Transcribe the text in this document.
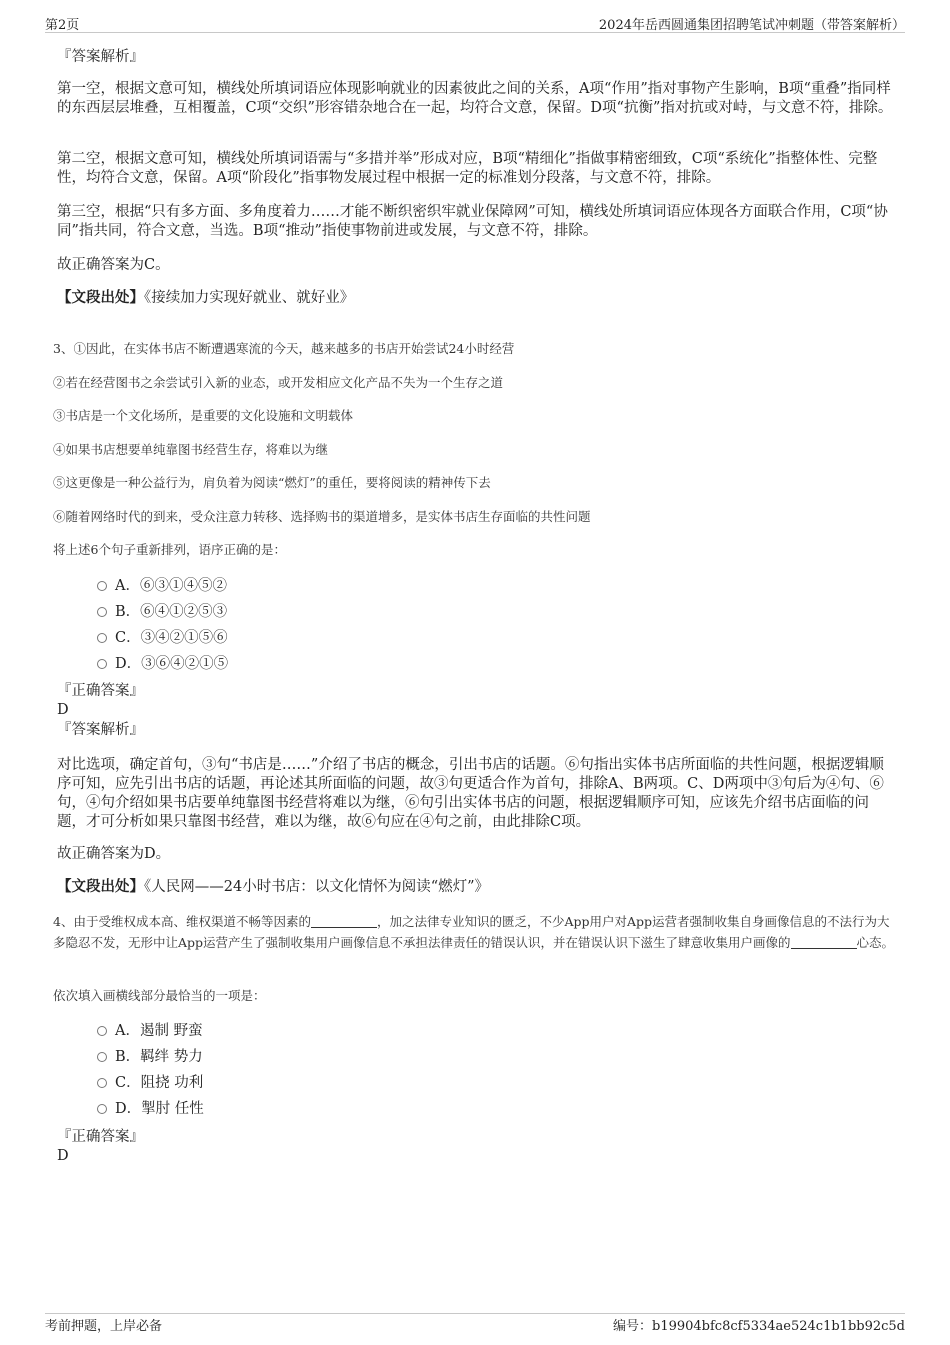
第2页	2024年岳西圆通集团招聘笔试冲刺题（带答案解析）

『答案解析』

第一空，根据文意可知，横线处所填词语应体现影响就业的因素彼此之间的关系，A项“作用”指对事物产生影响，B项“重叠”指同样的东西层层堆叠，互相覆盖，C项“交织”形容错杂地合在一起，均符合文意，保留。D项“抗衡”指对抗或对峙，与文意不符，排除。

第二空，根据文意可知，横线处所填词语需与“多措并举”形成对应，B项“精细化”指做事精密细致，C项“系统化”指整体性、完整性，均符合文意，保留。A项“阶段化”指事物发展过程中根据一定的标准划分段落，与文意不符，排除。

第三空，根据“只有多方面、多角度着力……才能不断织密织牢就业保障网”可知，横线处所填词语应体现各方面联合作用，C项“协同”指共同，符合文意，当选。B项“推动”指使事物前进或发展，与文意不符，排除。

故正确答案为C。

【文段出处】《接续加力实现好就业、就好业》

3、①因此，在实体书店不断遭遇寒流的今天，越来越多的书店开始尝试24小时经营

②若在经营图书之余尝试引入新的业态，或开发相应文化产品不失为一个生存之道

③书店是一个文化场所，是重要的文化设施和文明载体

④如果书店想要单纯靠图书经营生存，将难以为继

⑤这更像是一种公益行为，肩负着为阅读“燃灯”的重任，要将阅读的精神传下去

⑥随着网络时代的到来，受众注意力转移、选择购书的渠道增多，是实体书店生存面临的共性问题

将上述6个句子重新排列，语序正确的是：

A．⑥③①④⑤②
B．⑥④①②⑤③
C．③④②①⑤⑥
D．③⑥④②①⑤

『正确答案』

D

『答案解析』

对比选项，确定首句，③句“书店是……”介绍了书店的概念，引出书店的话题。⑥句指出实体书店所面临的共性问题，根据逻辑顺序可知，应先引出书店的话题，再论述其所面临的问题，故③句更适合作为首句，排除A、B两项。C、D两项中③句后为④句、⑥句，④句介绍如果书店要单纯靠图书经营将难以为继，⑥句引出实体书店的问题，根据逻辑顺序可知，应该先介绍书店面临的问题，才可分析如果只靠图书经营，难以为继，故⑥句应在④句之前，由此排除C项。

故正确答案为D。

【文段出处】《人民网——24小时书店：以文化情怀为阅读“燃灯”》

4、由于受维权成本高、维权渠道不畅等因素的	，加之法律专业知识的匮乏，不少App用户对App运营者强制收集自身画像信息的不法行为大多隐忍不发，无形中让App运营产生了强制收集用户画像信息不承担法律责任的错误认识，并在错误认识下滋生了肆意收集用户画像的	心态。

依次填入画横线部分最恰当的一项是：

A．遏制 野蛮
B．羁绊 势力
C．阻挠 功利
D．掣肘 任性

『正确答案』

D

考前押题，上岸必备	编号：b19904bfc8cf5334ae524c1b1bb92c5d
